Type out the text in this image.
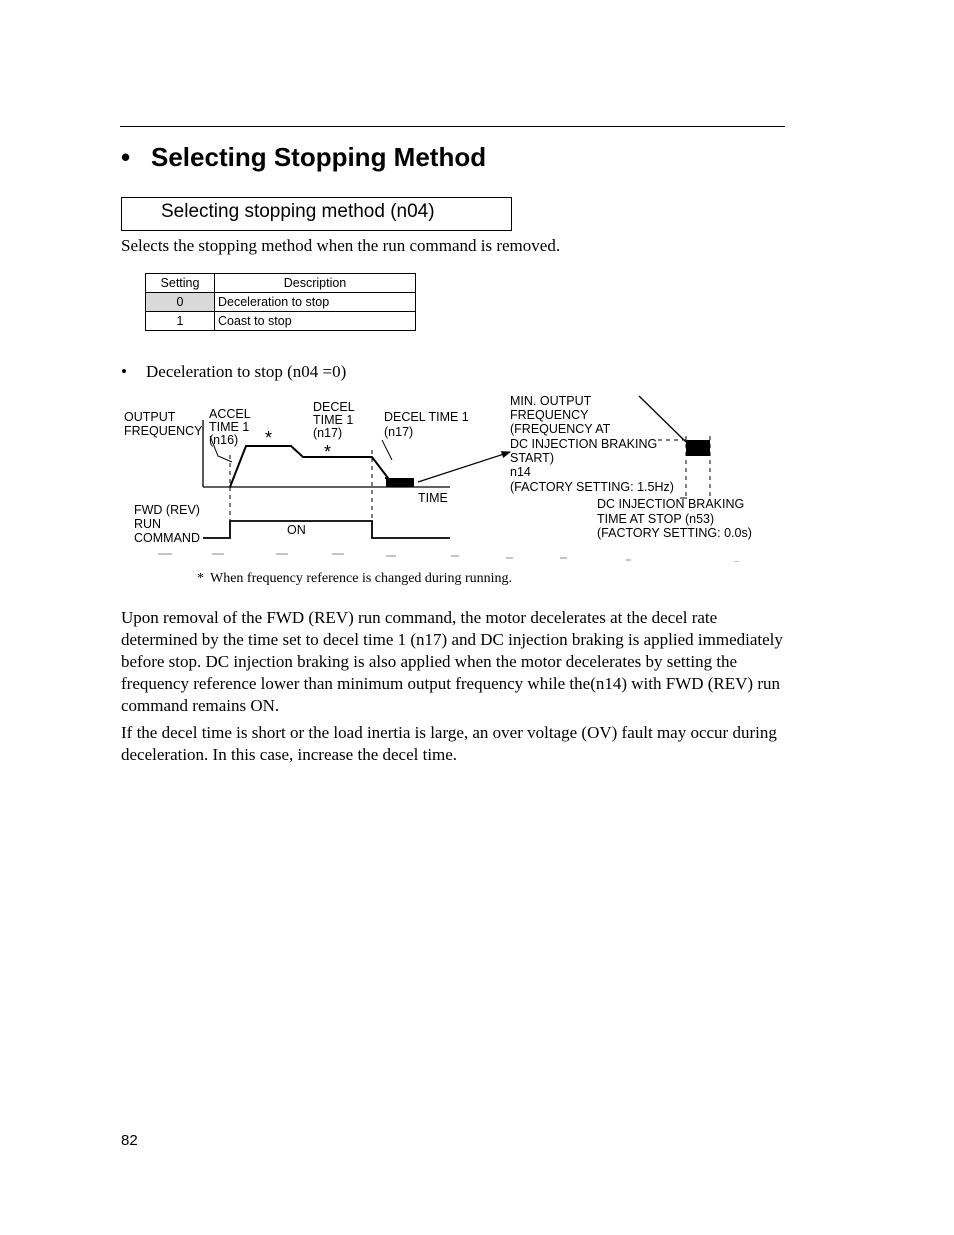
• Selecting Stopping Method
Selecting stopping method (n04)
Selects the stopping method when the run command is removed.
Setting	Description
0	Deceleration to stop
1	Coast to stop
• Deceleration to stop (n04 =0)
OUTPUT
FREQUENCY
ACCEL
TIME 1
(n16)
DECEL
TIME 1
(n17)
DECEL TIME 1
(n17)
*
*
MIN. OUTPUT
FREQUENCY
(FREQUENCY AT
DC INJECTION BRAKING
START)
n14
(FACTORY SETTING: 1.5Hz)
TIME
FWD (REV)
RUN
COMMAND
ON
DC INJECTION BRAKING
TIME AT STOP (n53)
(FACTORY SETTING: 0.0s)
* When frequency reference is changed during running.

Upon removal of the FWD (REV) run command, the motor decelerates at the decel rate determined by the time set to decel time 1 (n17) and DC injection braking is applied immediately before stop. DC injection braking is also applied when the motor decelerates by setting the frequency reference lower than minimum output frequency while the(n14) with FWD (REV) run command remains ON.

If the decel time is short or the load inertia is large, an over voltage (OV) fault may occur during deceleration. In this case, increase the decel time.

82
